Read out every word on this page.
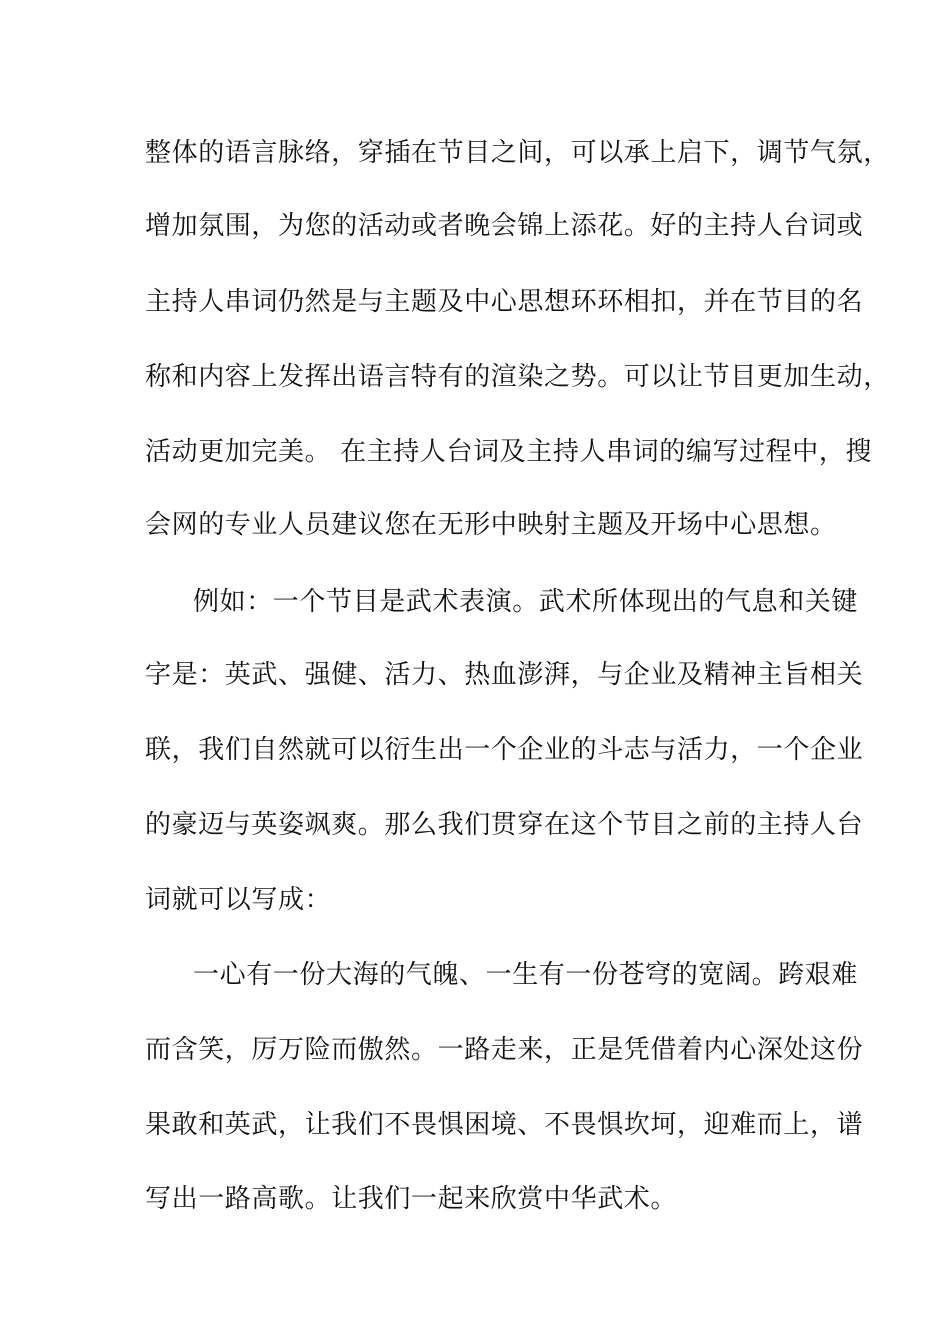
整体的语言脉络，穿插在节目之间，可以承上启下，调节气氛，
增加氛围，为您的活动或者晚会锦上添花。好的主持人台词或
主持人串词仍然是与主题及中心思想环环相扣，并在节目的名
称和内容上发挥出语言特有的渲染之势。可以让节目更加生动，
活动更加完美。 在主持人台词及主持人串词的编写过程中，搜
会网的专业人员建议您在无形中映射主题及开场中心思想。
例如：一个节目是武术表演。武术所体现出的气息和关键
字是：英武、强健、活力、热血澎湃，与企业及精神主旨相关
联，我们自然就可以衍生出一个企业的斗志与活力，一个企业
的豪迈与英姿飒爽。那么我们贯穿在这个节目之前的主持人台
词就可以写成：
一心有一份大海的气魄、一生有一份苍穹的宽阔。跨艰难
而含笑，厉万险而傲然。一路走来，正是凭借着内心深处这份
果敢和英武，让我们不畏惧困境、不畏惧坎坷，迎难而上，谱
写出一路高歌。让我们一起来欣赏中华武术。
